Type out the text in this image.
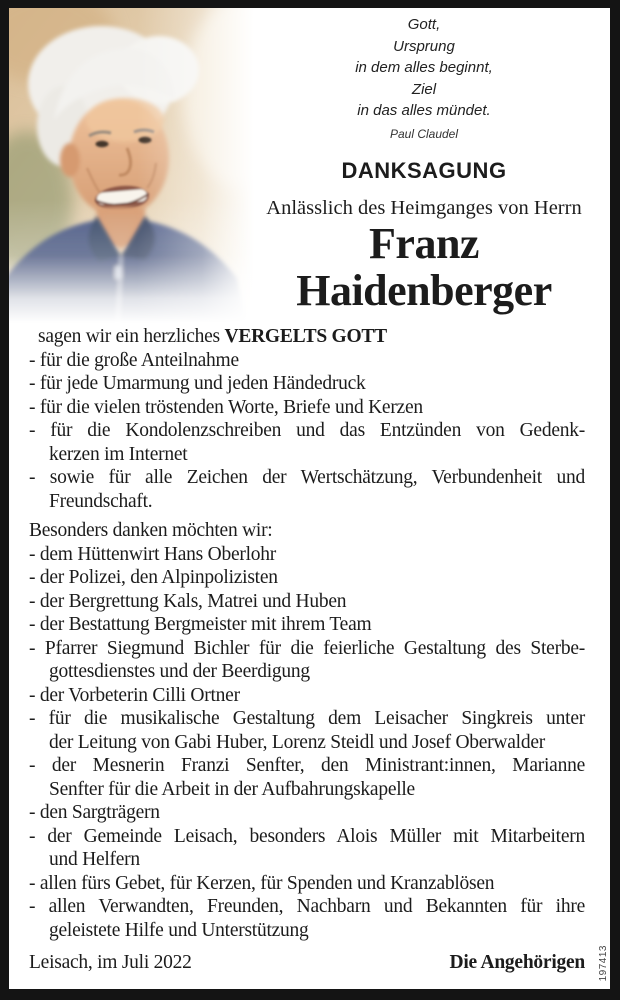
Gott,
Ursprung
in dem alles beginnt,
Ziel
in das alles mündet.
Paul Claudel
DANKSAGUNG
Anlässlich des Heimganges von Herrn
Franz
Haidenberger
sagen wir ein herzliches VERGELTS GOTT
- für die große Anteilnahme
- für jede Umarmung und jeden Händedruck
- für die vielen tröstenden Worte, Briefe und Kerzen
- für die Kondolenzschreiben und das Entzünden von Gedenk-
kerzen im Internet
- sowie für alle Zeichen der Wertschätzung, Verbundenheit und
Freundschaft.
Besonders danken möchten wir:
- dem Hüttenwirt Hans Oberlohr
- der Polizei, den Alpinpolizisten
- der Bergrettung Kals, Matrei und Huben
- der Bestattung Bergmeister mit ihrem Team
- Pfarrer Siegmund Bichler für die feierliche Gestaltung des Sterbe-
gottesdienstes und der Beerdigung
- der Vorbeterin Cilli Ortner
- für die musikalische Gestaltung dem Leisacher Singkreis unter
der Leitung von Gabi Huber, Lorenz Steidl und Josef Oberwalder
- der Mesnerin Franzi Senfter, den Ministrant:innen, Marianne
Senfter für die Arbeit in der Aufbahrungskapelle
- den Sargträgern
- der Gemeinde Leisach, besonders Alois Müller mit Mitarbeitern
und Helfern
- allen fürs Gebet, für Kerzen, für Spenden und Kranzablösen
- allen Verwandten, Freunden, Nachbarn und Bekannten für ihre
geleistete Hilfe und Unterstützung
Leisach, im Juli 2022	Die Angehörigen 197413
